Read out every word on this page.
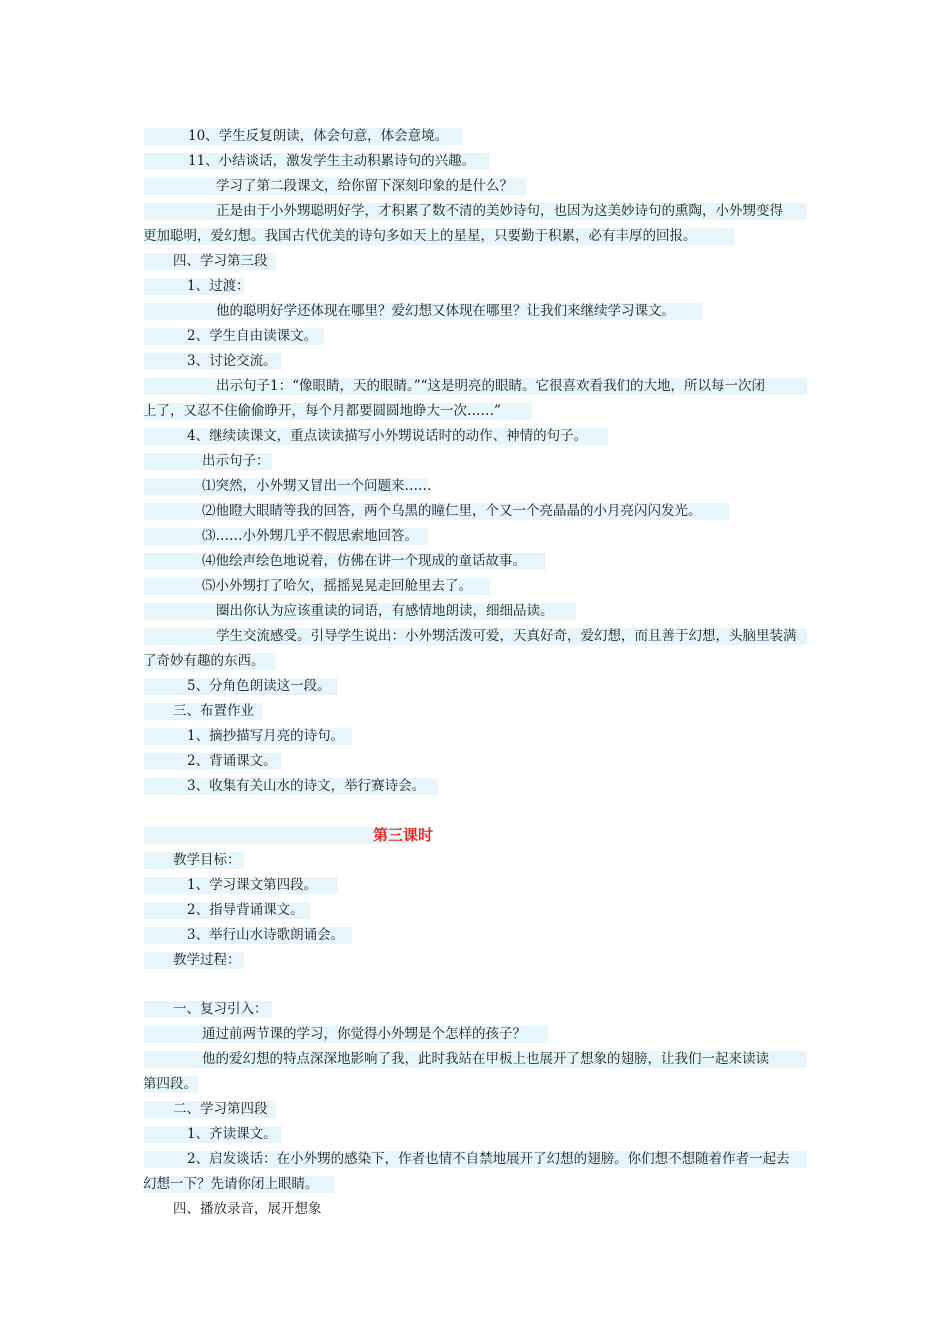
10、学生反复朗读，体会句意，体会意境。
11、小结谈话，激发学生主动积累诗句的兴趣。
学习了第二段课文，给你留下深刻印象的是什么？
正是由于小外甥聪明好学，才积累了数不清的美妙诗句，也因为这美妙诗句的熏陶，小外甥变得
更加聪明，爱幻想。我国古代优美的诗句多如天上的星星，只要勤于积累，必有丰厚的回报。
四、学习第三段
1、过渡：
他的聪明好学还体现在哪里？爱幻想又体现在哪里？让我们来继续学习课文。
2、学生自由读课文。
3、讨论交流。
出示句子1：“像眼睛，天的眼睛。”“这是明亮的眼睛。它很喜欢看我们的大地，所以每一次闭
上了，又忍不住偷偷睁开，每个月都要圆圆地睁大一次……”
4、继续读课文，重点读读描写小外甥说话时的动作、神情的句子。
出示句子：
⑴突然，小外甥又冒出一个问题来……
⑵他瞪大眼睛等我的回答，两个乌黑的瞳仁里，个又一个亮晶晶的小月亮闪闪发光。
⑶……小外甥几乎不假思索地回答。
⑷他绘声绘色地说着，仿佛在讲一个现成的童话故事。
⑸小外甥打了哈欠，摇摇晃晃走回舱里去了。
圈出你认为应该重读的词语，有感情地朗读，细细品读。
学生交流感受。引导学生说出：小外甥活泼可爱，天真好奇，爱幻想，而且善于幻想，头脑里装满
了奇妙有趣的东西。
5、分角色朗读这一段。
三、布置作业
1、摘抄描写月亮的诗句。
2、背诵课文。
3、收集有关山水的诗文，举行赛诗会。
教学目标：
1、学习课文第四段。
2、指导背诵课文。
3、举行山水诗歌朗诵会。
教学过程：
一、复习引入：
通过前两节课的学习，你觉得小外甥是个怎样的孩子？
他的爱幻想的特点深深地影响了我，此时我站在甲板上也展开了想象的翅膀，让我们一起来读读
第四段。
二、学习第四段
1、齐读课文。
2、启发谈话：在小外甥的感染下，作者也情不自禁地展开了幻想的翅膀。你们想不想随着作者一起去
幻想一下？先请你闭上眼睛。
四、播放录音，展开想象
第三课时
